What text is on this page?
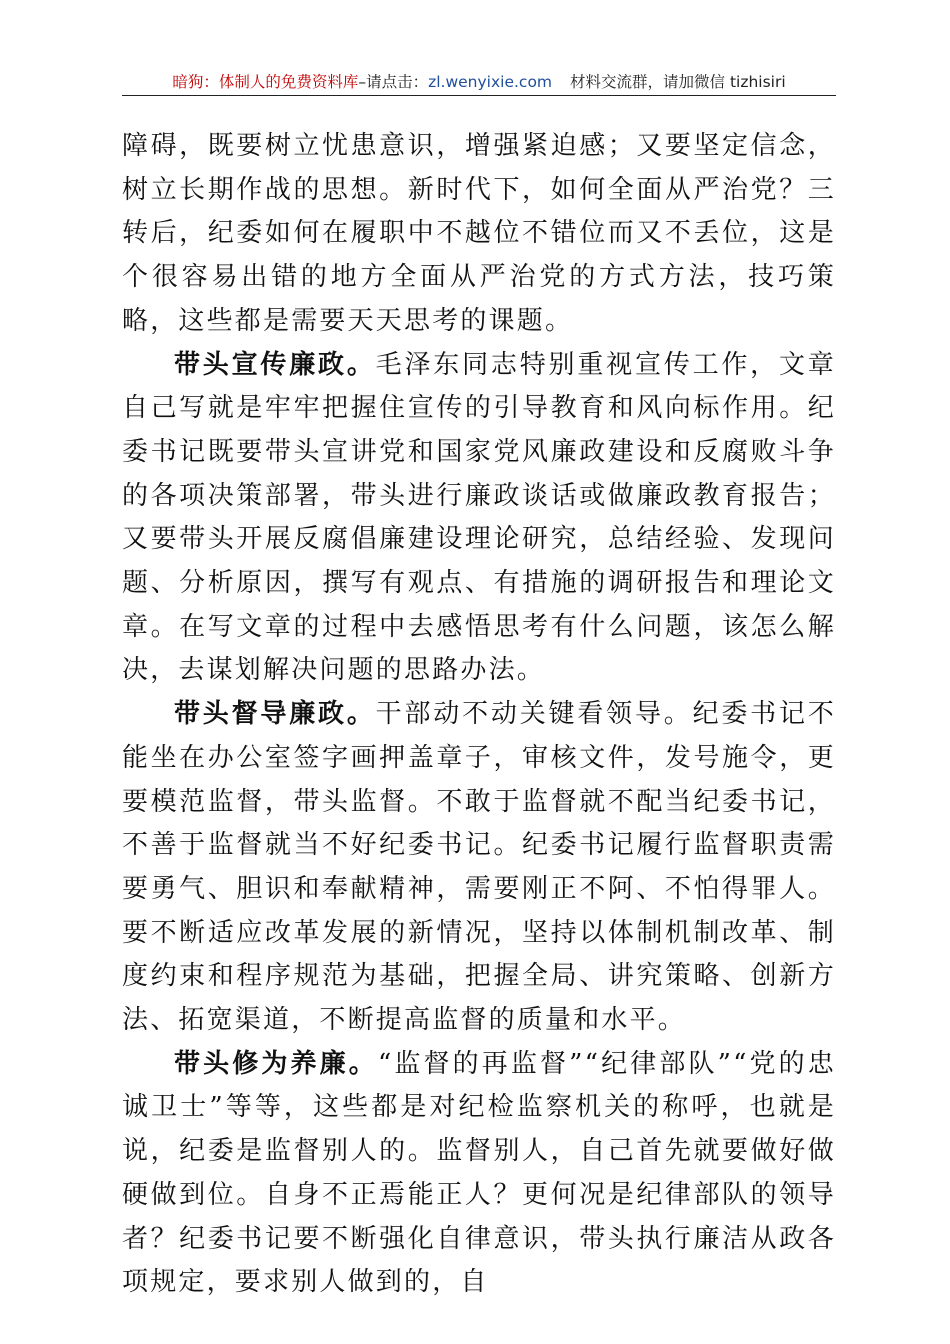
暗狗：体制人的免费资料库–请点击：zl.wenyixie.com 材料交流群，请加微信 tizhisiri

障碍，既要树立忧患意识，增强紧迫感；又要坚定信念，树立长期作战的思想。新时代下，如何全面从严治党？三转后，纪委如何在履职中不越位不错位而又不丢位，这是个很容易出错的地方全面从严治党的方式方法，技巧策略，这些都是需要天天思考的课题。

带头宣传廉政。毛泽东同志特别重视宣传工作，文章自己写就是牢牢把握住宣传的引导教育和风向标作用。纪委书记既要带头宣讲党和国家党风廉政建设和反腐败斗争的各项决策部署，带头进行廉政谈话或做廉政教育报告；又要带头开展反腐倡廉建设理论研究，总结经验、发现问题、分析原因，撰写有观点、有措施的调研报告和理论文章。在写文章的过程中去感悟思考有什么问题，该怎么解决，去谋划解决问题的思路办法。

带头督导廉政。干部动不动关键看领导。纪委书记不能坐在办公室签字画押盖章子，审核文件，发号施令，更要模范监督，带头监督。不敢于监督就不配当纪委书记，不善于监督就当不好纪委书记。纪委书记履行监督职责需要勇气、胆识和奉献精神，需要刚正不阿、不怕得罪人。要不断适应改革发展的新情况，坚持以体制机制改革、制度约束和程序规范为基础，把握全局、讲究策略、创新方法、拓宽渠道，不断提高监督的质量和水平。

带头修为养廉。“监督的再监督”“纪律部队”“党的忠诚卫士”等等，这些都是对纪检监察机关的称呼，也就是说，纪委是监督别人的。监督别人，自己首先就要做好做硬做到位。自身不正焉能正人？更何况是纪律部队的领导者？纪委书记要不断强化自律意识，带头执行廉洁从政各项规定，要求别人做到的，自
